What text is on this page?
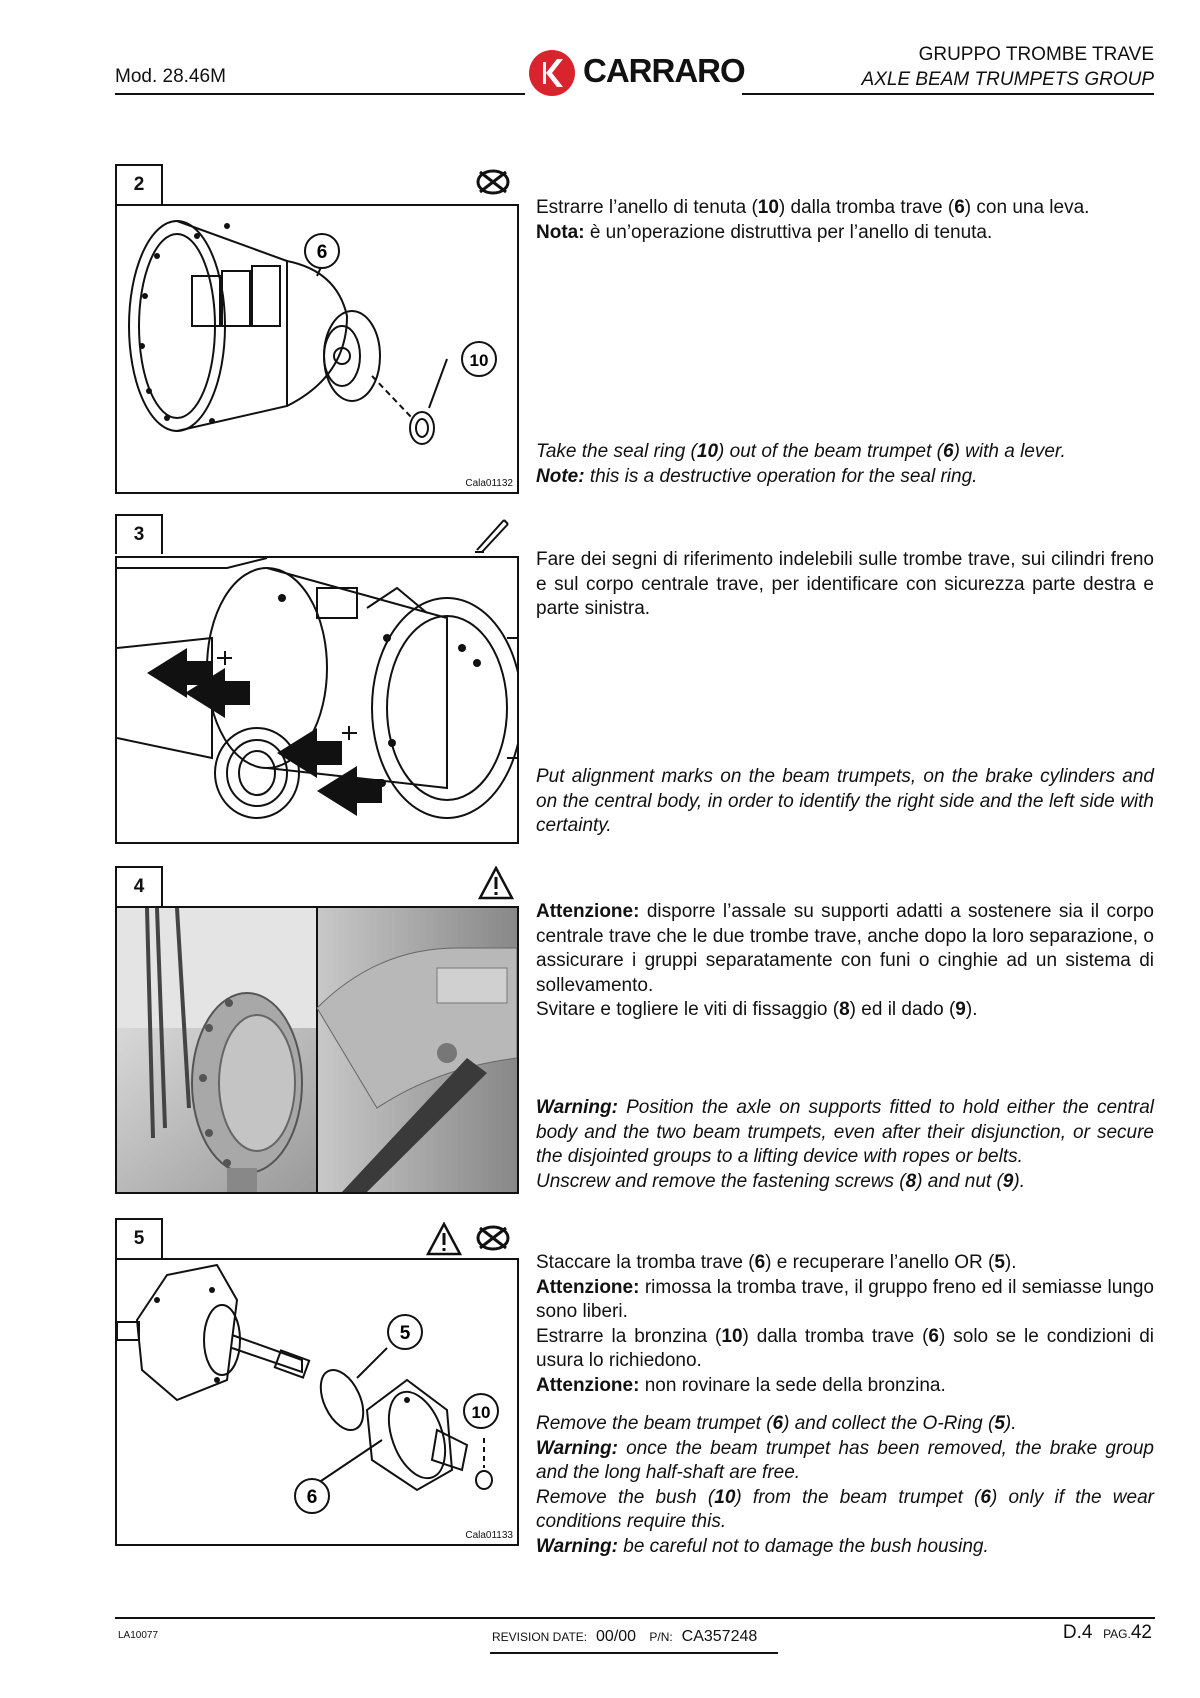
Mod. 28.46M	CARRARO	GRUPPO TROMBE TRAVE
AXLE BEAM TRUMPETS GROUP
2
6
10
Cala01132

Estrarre l’anello di tenuta (10) dalla tromba trave (6) con una leva.

Nota: è un’operazione distruttiva per l’anello di tenuta.

Take the seal ring (10) out of the beam trumpet (6) with a lever.

Note: this is a destructive operation for the seal ring.

3

Fare dei segni di riferimento indelebili sulle trombe trave, sui cilindri freno e sul corpo centrale trave, per identificare con sicurezza parte destra e parte sinistra.

Put alignment marks on the beam trumpets, on the brake cylinders and on the central body, in order to identify the right side and the left side with certainty.

4

Attenzione: disporre l’assale su supporti adatti a sostenere sia il corpo centrale trave che le due trombe trave, anche dopo la loro separazione, o assicurare i gruppi separatamente con funi o cinghie ad un sistema di sollevamento.

Svitare e togliere le viti di fissaggio (8) ed il dado (9).

Warning: Position the axle on supports fitted to hold either the central body and the two beam trumpets, even after their disjunction, or secure the disjointed groups to a lifting device with ropes or belts.

Unscrew and remove the fastening screws (8) and nut (9).

5
5
10
6
Cala01133

Staccare la tromba trave (6) e recuperare l’anello OR (5).

Attenzione: rimossa la tromba trave, il gruppo freno ed il semiasse lungo sono liberi.

Estrarre la bronzina (10) dalla tromba trave (6) solo se le condizioni di usura lo richiedono.

Attenzione: non rovinare la sede della bronzina.

Remove the beam trumpet (6) and collect the O-Ring (5).

Warning: once the beam trumpet has been removed, the brake group and the long half-shaft are free.

Remove the bush (10) from the beam trumpet (6) only if the wear conditions require this.

Warning: be careful not to damage the bush housing.

LA10077	REVISION DATE: 00/00 P/N: CA357248	D.4 PAG.42
